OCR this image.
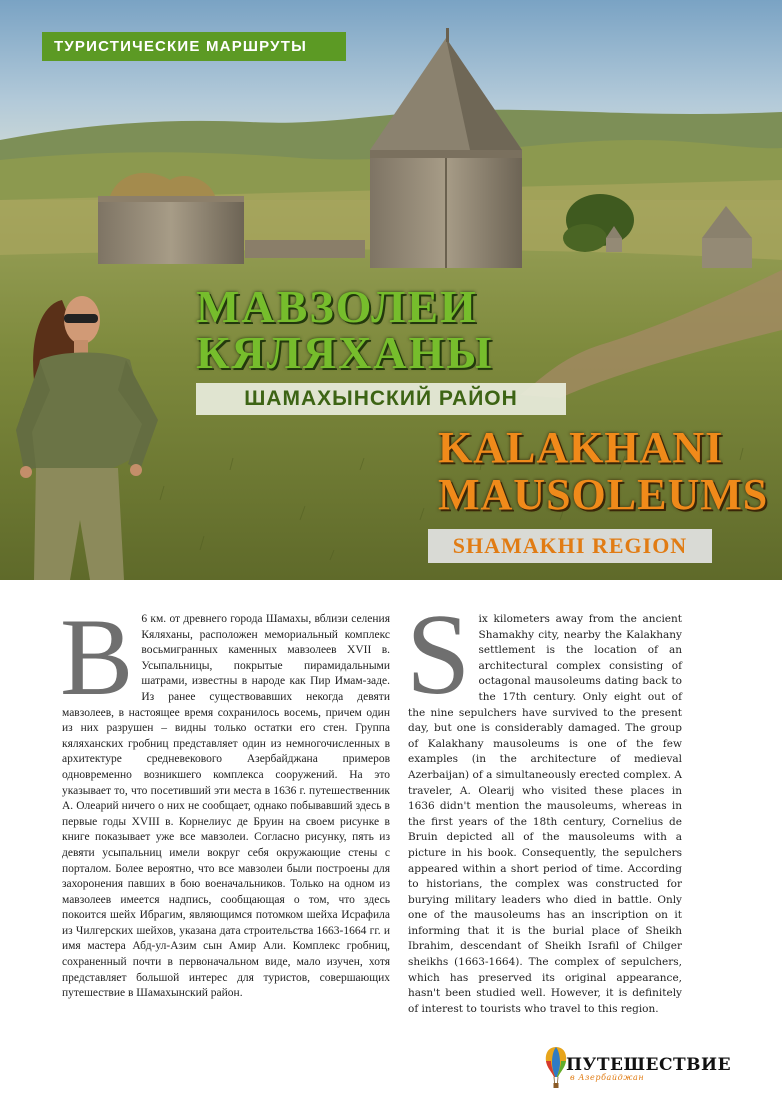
ТУРИСТИЧЕСКИЕ МАРШРУТЫ
МАВЗОЛЕИ
КЯЛЯХАНЫ
ШАМАХЫНСКИЙ РАЙОН
KALAKHANI
MAUSOLEUMS
SHAMAKHI REGION
В 6 км. от древнего города Шамахы, вблизи селения Кяляханы, расположен мемориальный комплекс восьмигранных каменных мавзолеев XVII в. Усыпальницы, покрытые пирамидальными шатрами, известны в народе как Пир Имам-заде. Из ранее существовавших некогда девяти мавзолеев, в настоящее время сохранилось восемь, причем один из них разрушен – видны только остатки его стен. Группа кяляханских гробниц представляет один из немногочисленных в архитектуре средневекового Азербайджана примеров одновременно возникшего комплекса сооружений. На это указывает то, что посетивший эти места в 1636 г. путешественник А. Олеарий ничего о них не сообщает, однако побывавший здесь в первые годы XVIII в. Корнелиус де Бруин на своем рисунке в книге показывает уже все мавзолеи. Согласно рисунку, пять из девяти усыпальниц имели вокруг себя окружающие стены с порталом. Более вероятно, что все мавзолеи были построены для захоронения павших в бою военачальников. Только на одном из мавзолеев имеется надпись, сообщающая о том, что здесь покоится шейх Ибрагим, являющимся потомком шейха Исрафила из Чилгерских шейхов, указана дата строительства 1663-1664 гг. и имя мастера Абд-ул-Азим сын Амир Али. Комплекс гробниц, сохраненный почти в первоначальном виде, мало изучен, хотя представляет большой интерес для туристов, совершающих путешествие в Шамахынский район.

S ix kilometers away from the ancient Shamakhy city, nearby the Kalakhany settlement is the location of an architectural complex consisting of octagonal mausoleums dating back to the 17th century. Only eight out of the nine sepulchers have survived to the present day, but one is considerably damaged. The group of Kalakhany mausoleums is one of the few examples (in the architecture of medieval Azerbaijan) of a simultaneously erected complex. A traveler, A. Olearij who visited these places in 1636 didn't mention the mausoleums, whereas in the first years of the 18th century, Cornelius de Bruin depicted all of the mausoleums with a picture in his book. Consequently, the sepulchers appeared within a short period of time. According to historians, the complex was constructed for burying military leaders who died in battle. Only one of the mausoleums has an inscription on it informing that it is the burial place of Sheikh Ibrahim, descendant of Sheikh Israfil of Chilger sheikhs (1663-1664). The complex of sepulchers, which has preserved its original appearance, hasn't been studied well. However, it is definitely of interest to tourists who travel to this region.

ПУТЕШЕСТВИЕ
в Азербайджан
